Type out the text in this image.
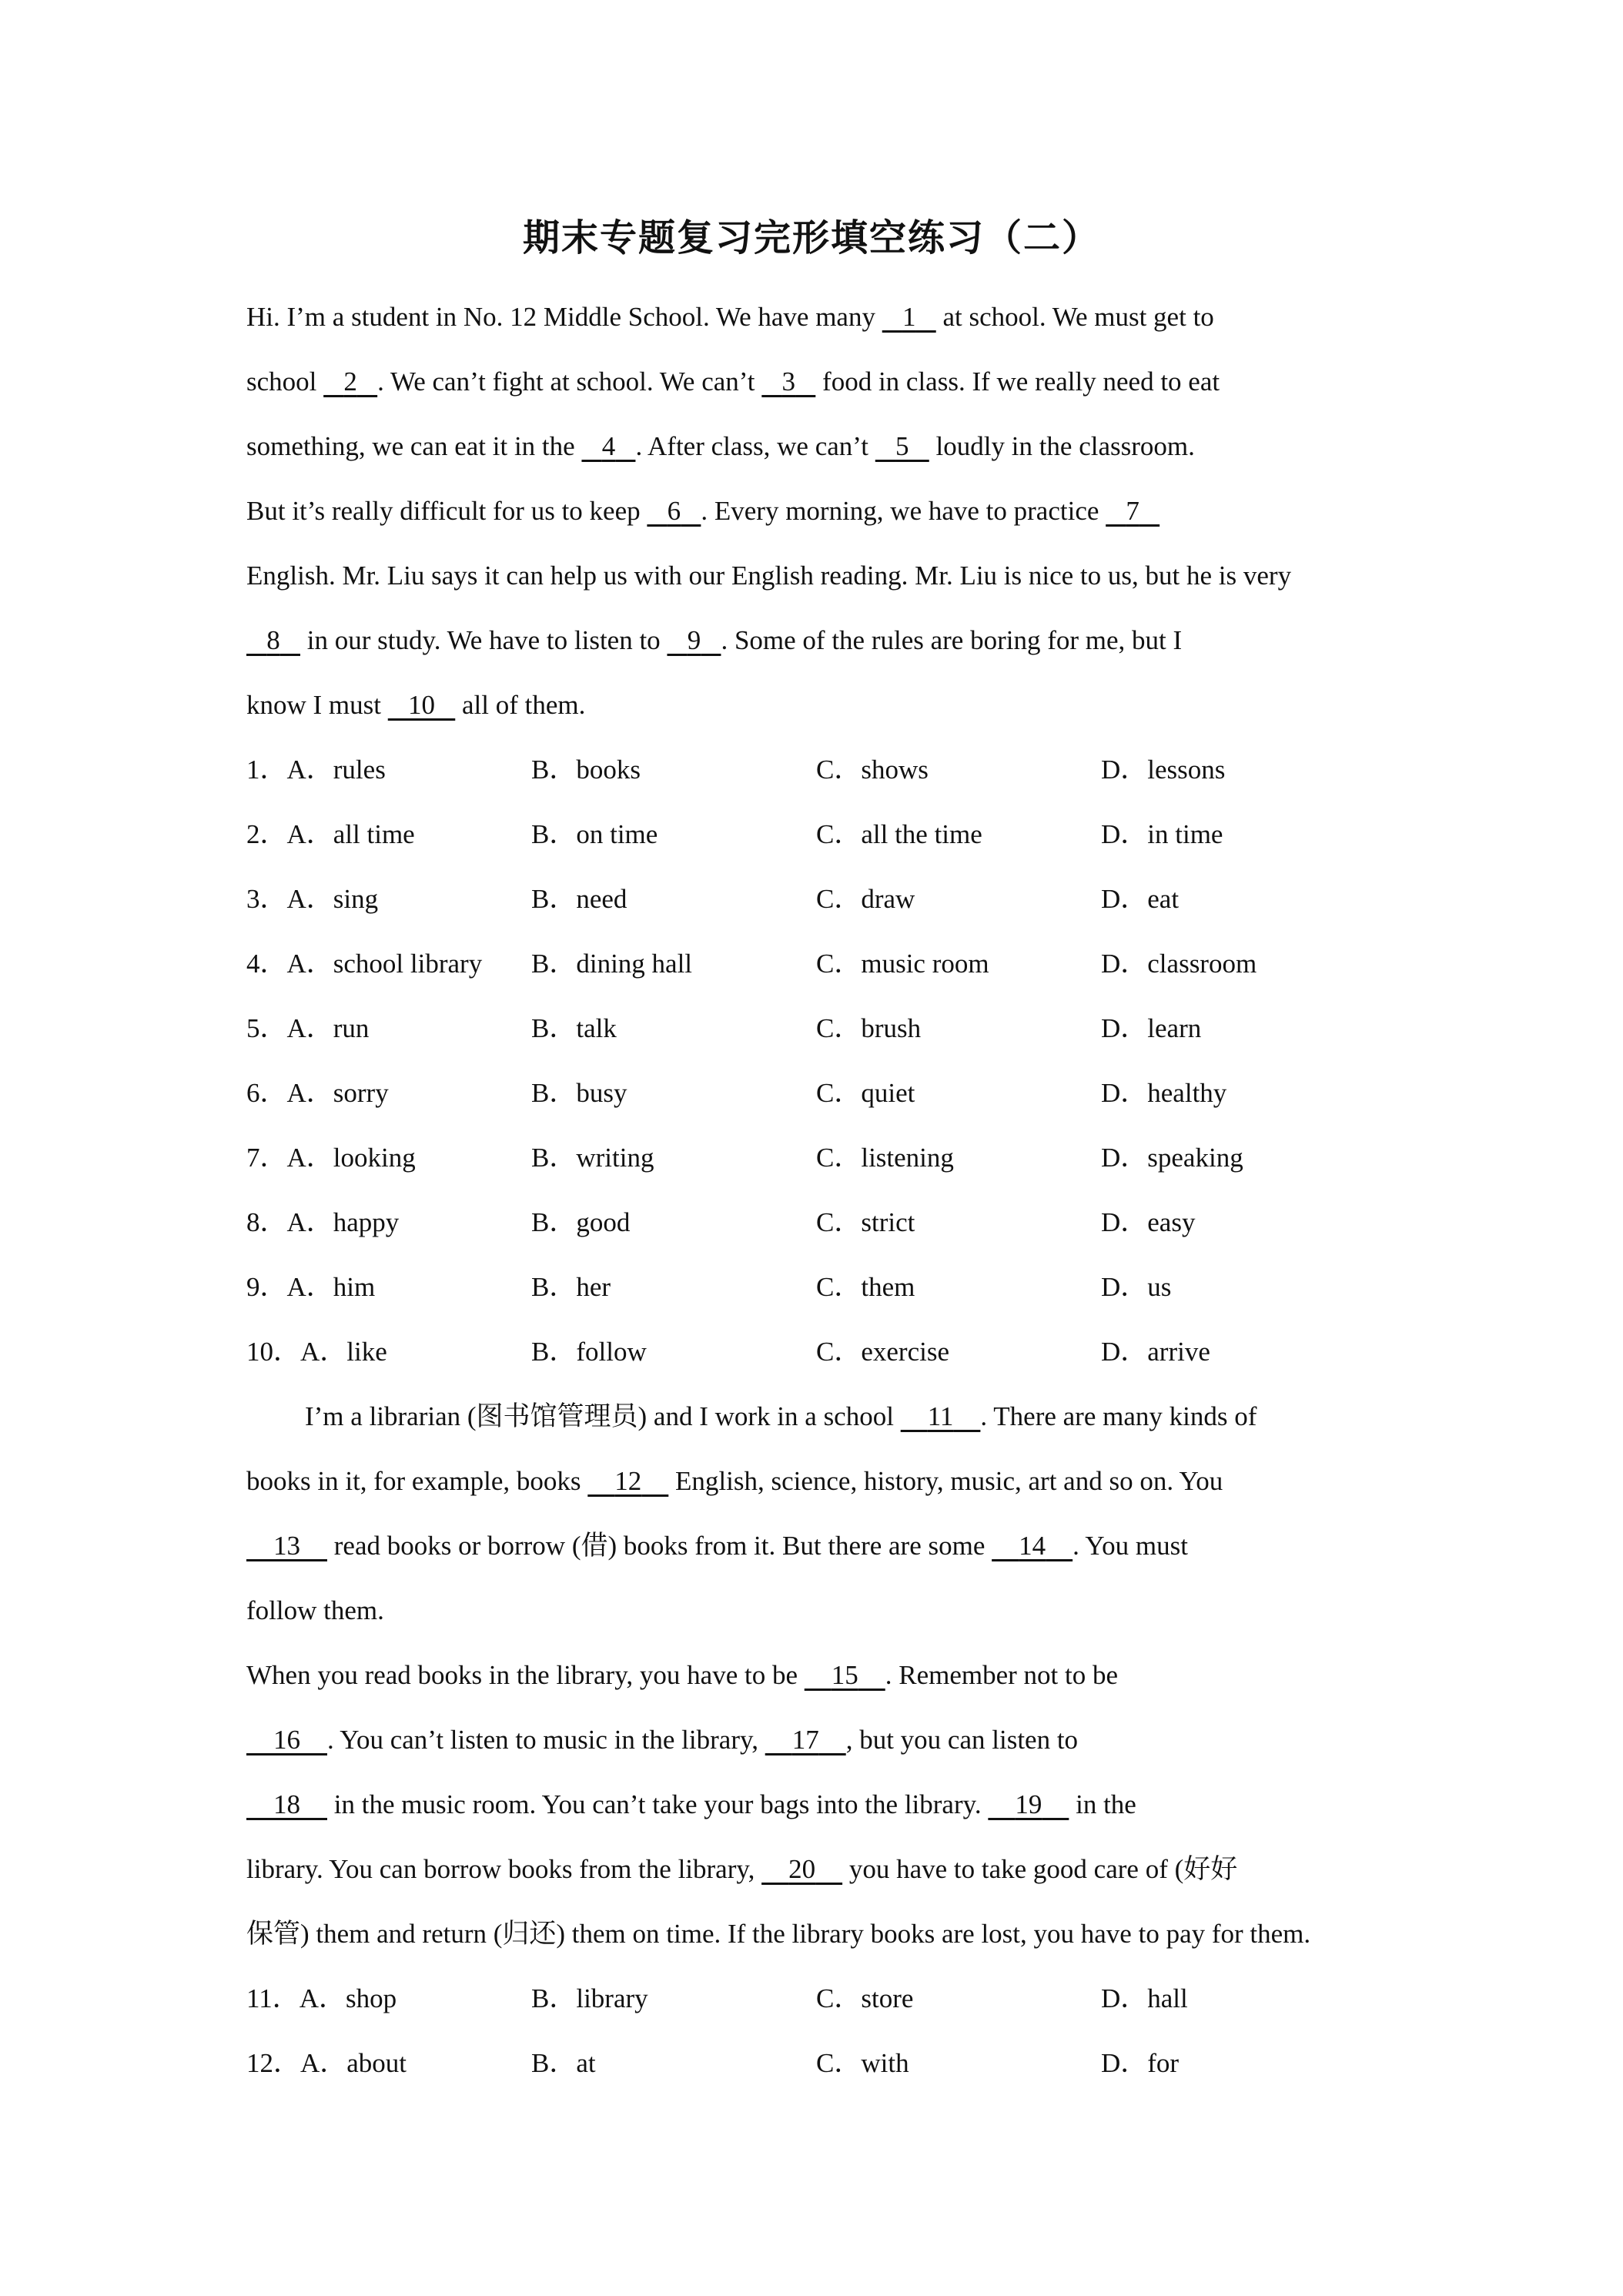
期末专题复习完形填空练习（二）
Hi. I’m a student in No. 12 Middle School. We have many    1    at school. We must get to
school    2 . We can’t fight at school. We can’t    3    food in class. If we really need to eat
something, we can eat it in the    4 . After class, we can’t    5    loudly in the classroom.
But it’s really difficult for us to keep    6 . Every morning, we have to practice    7
English. Mr. Liu says it can help us with our English reading. Mr. Liu is nice to us, but he is very
8    in our study. We have to listen to    9 . Some of the rules are boring for me, but I
know I must    10    all of them.
1．A．rules	B．books	C．shows	D．lessons
2．A．all time	B．on time	C．all the time	D．in time
3．A．sing	B．need	C．draw	D．eat
4．A．school library B．dining hall	C．music room	D．classroom
5．A．run	B．talk	C．brush	D．learn
6．A．sorry	B．busy	C．quiet	D．healthy
7．A．looking	B．writing	C．listening	D．speaking
8．A．happy	B．good	C．strict	D．easy
9．A．him	B．her	C．them	D．us
10．A．like	B．follow	C．exercise	D．arrive
I’m a librarian (图书馆管理员) and I work in a school     11 . There are many kinds of
books in it, for example, books     12     English, science, history, music, art and so on. You
13     read books or borrow (借) books from it. But there are some     14 . You must
follow them.
When you read books in the library, you have to be     15 . Remember not to be
16 . You can’t listen to music in the library,     17 , but you can listen to
18     in the music room. You can’t take your bags into the library.     19     in the
library. You can borrow books from the library,     20     you have to take good care of (好好
保管) them and return (归还) them on time. If the library books are lost, you have to pay for them.
11．A．shop	B．library	C．store	D．hall
12．A．about	B．at	C．with	D．for
